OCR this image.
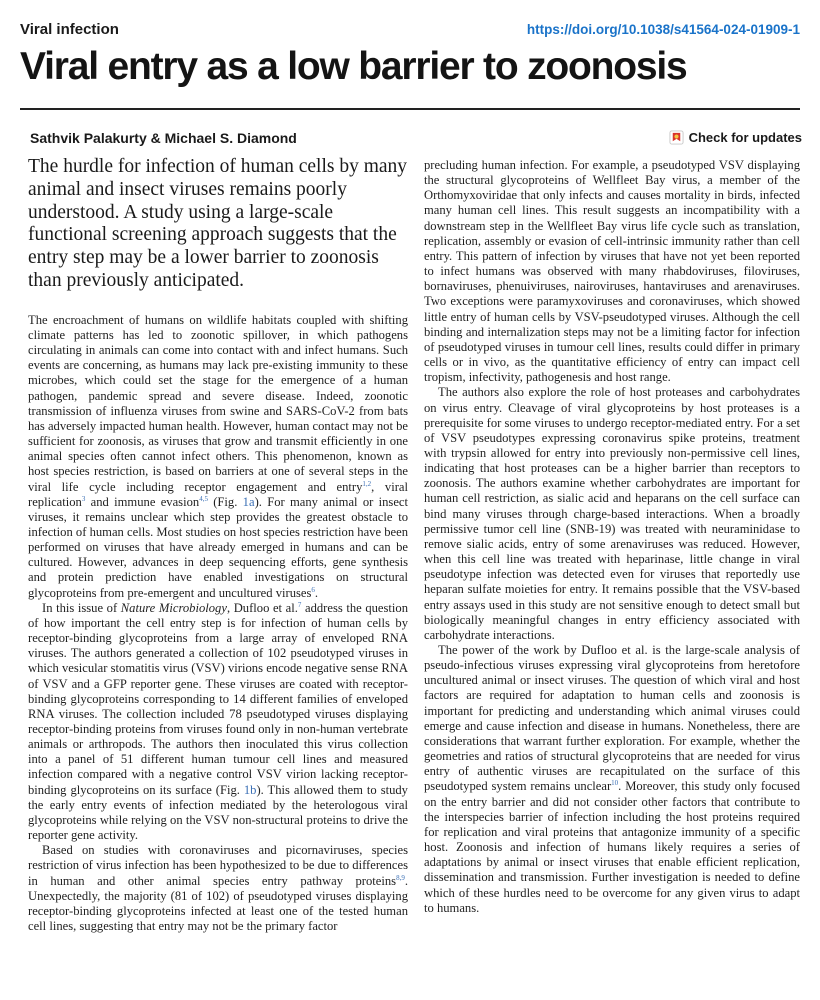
Viral infection	https://doi.org/10.1038/s41564-024-01909-1
Viral entry as a low barrier to zoonosis
Sathvik Palakurty & Michael S. Diamond	Check for updates

The hurdle for infection of human cells by many animal and insect viruses remains poorly understood. A study using a large-scale functional screening approach suggests that the entry step may be a lower barrier to zoonosis than previously anticipated.

The encroachment of humans on wildlife habitats coupled with shifting climate patterns has led to zoonotic spillover, in which pathogens circulating in animals can come into contact with and infect humans. Such events are concerning, as humans may lack pre-existing immunity to these microbes, which could set the stage for the emergence of a human pathogen, pandemic spread and severe disease. Indeed, zoonotic transmission of influenza viruses from swine and SARS-CoV-2 from bats has adversely impacted human health. However, human contact may not be sufficient for zoonosis, as viruses that grow and transmit efficiently in one animal species often cannot infect others. This phenomenon, known as host species restriction, is based on barriers at one of several steps in the viral life cycle including receptor engagement and entry$^{1,2}$, viral replication$^3$ and immune evasion$^{4,5}$ (Fig. 1a). For many animal or insect viruses, it remains unclear which step provides the greatest obstacle to infection of human cells. Most studies on host species restriction have been performed on viruses that have already emerged in humans and can be cultured. However, advances in deep sequencing efforts, gene synthesis and protein prediction have enabled investigations on structural glycoproteins from pre-emergent and uncultured viruses$^6$.

In this issue of Nature Microbiology, Dufloo et al.$^7$ address the question of how important the cell entry step is for infection of human cells by receptor-binding glycoproteins from a large array of enveloped RNA viruses. The authors generated a collection of 102 pseudotyped viruses in which vesicular stomatitis virus (VSV) virions encode negative sense RNA of VSV and a GFP reporter gene. These viruses are coated with receptor-binding glycoproteins corresponding to 14 different families of enveloped RNA viruses. The collection included 78 pseudotyped viruses displaying receptor-binding proteins from viruses found only in non-human vertebrate animals or arthropods. The authors then inoculated this virus collection into a panel of 51 different human tumour cell lines and measured infection compared with a negative control VSV virion lacking receptor-binding glycoproteins on its surface (Fig. 1b). This allowed them to study the early entry events of infection mediated by the heterologous viral glycoproteins while relying on the VSV non-structural proteins to drive the reporter gene activity.

Based on studies with coronaviruses and picornaviruses, species restriction of virus infection has been hypothesized to be due to differences in human and other animal species entry pathway proteins$^{8,9}$. Unexpectedly, the majority (81 of 102) of pseudotyped viruses displaying receptor-binding glycoproteins infected at least one of the tested human cell lines, suggesting that entry may not be the primary factor

precluding human infection. For example, a pseudotyped VSV displaying the structural glycoproteins of Wellfleet Bay virus, a member of the Orthomyxoviridae that only infects and causes mortality in birds, infected many human cell lines. This result suggests an incompatibility with a downstream step in the Wellfleet Bay virus life cycle such as translation, replication, assembly or evasion of cell-intrinsic immunity rather than cell entry. This pattern of infection by viruses that have not yet been reported to infect humans was observed with many rhabdoviruses, filoviruses, bornaviruses, phenuiviruses, nairoviruses, hantaviruses and arenaviruses. Two exceptions were paramyxoviruses and coronaviruses, which showed little entry of human cells by VSV-pseudotyped viruses. Although the cell binding and internalization steps may not be a limiting factor for infection of pseudotyped viruses in tumour cell lines, results could differ in primary cells or in vivo, as the quantitative efficiency of entry can impact cell tropism, infectivity, pathogenesis and host range.

The authors also explore the role of host proteases and carbohydrates on virus entry. Cleavage of viral glycoproteins by host proteases is a prerequisite for some viruses to undergo receptor-mediated entry. For a set of VSV pseudotypes expressing coronavirus spike proteins, treatment with trypsin allowed for entry into previously non-permissive cell lines, indicating that host proteases can be a higher barrier than receptors to zoonosis. The authors examine whether carbohydrates are important for human cell restriction, as sialic acid and heparans on the cell surface can bind many viruses through charge-based interactions. When a broadly permissive tumor cell line (SNB-19) was treated with neuraminidase to remove sialic acids, entry of some arenaviruses was reduced. However, when this cell line was treated with heparinase, little change in viral pseudotype infection was detected even for viruses that reportedly use heparan sulfate moieties for entry. It remains possible that the VSV-based entry assays used in this study are not sensitive enough to detect small but biologically meaningful changes in entry efficiency associated with carbohydrate interactions.

The power of the work by Dufloo et al. is the large-scale analysis of pseudo-infectious viruses expressing viral glycoproteins from heretofore uncultured animal or insect viruses. The question of which viral and host factors are required for adaptation to human cells and zoonosis is important for predicting and understanding which animal viruses could emerge and cause infection and disease in humans. Nonetheless, there are considerations that warrant further exploration. For example, whether the geometries and ratios of structural glycoproteins that are needed for virus entry of authentic viruses are recapitulated on the surface of this pseudotyped system remains unclear$^{10}$. Moreover, this study only focused on the entry barrier and did not consider other factors that contribute to the interspecies barrier of infection including the host proteins required for replication and viral proteins that antagonize immunity of a specific host. Zoonosis and infection of humans likely requires a series of adaptations by animal or insect viruses that enable efficient replication, dissemination and transmission. Further investigation is needed to define which of these hurdles need to be overcome for any given virus to adapt to humans.
